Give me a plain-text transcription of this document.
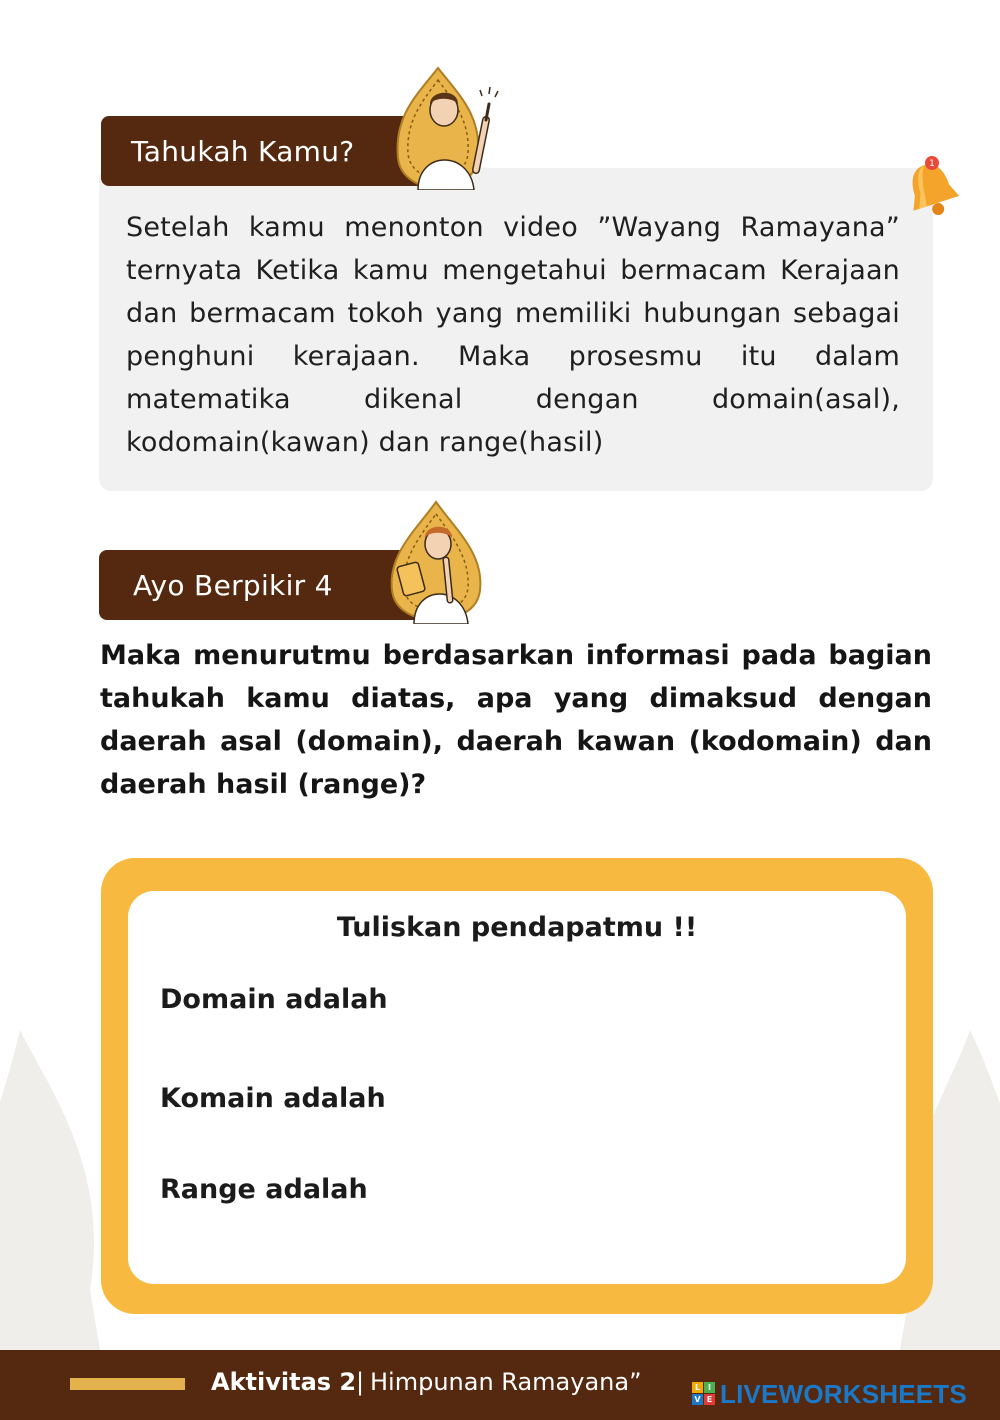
Tahukah Kamu?	1
Setelah kamu menonton video ”Wayang Ramayana” ternyata Ketika kamu mengetahui bermacam Kerajaan dan bermacam tokoh yang memiliki hubungan sebagai penghuni kerajaan. Maka prosesmu itu dalam matematika dikenal dengan domain(asal), kodomain(kawan) dan range(hasil)
Ayo Berpikir 4
Maka menurutmu berdasarkan informasi pada bagian tahukah kamu diatas, apa yang dimaksud dengan daerah asal (domain), daerah kawan (kodomain) dan daerah hasil (range)?
Tuliskan pendapatmu !!
Domain adalah
Komain adalah
Range adalah
Aktivitas 2 | Himpunan Ramayana”	L I
V E LIVEWORKSHEETS
